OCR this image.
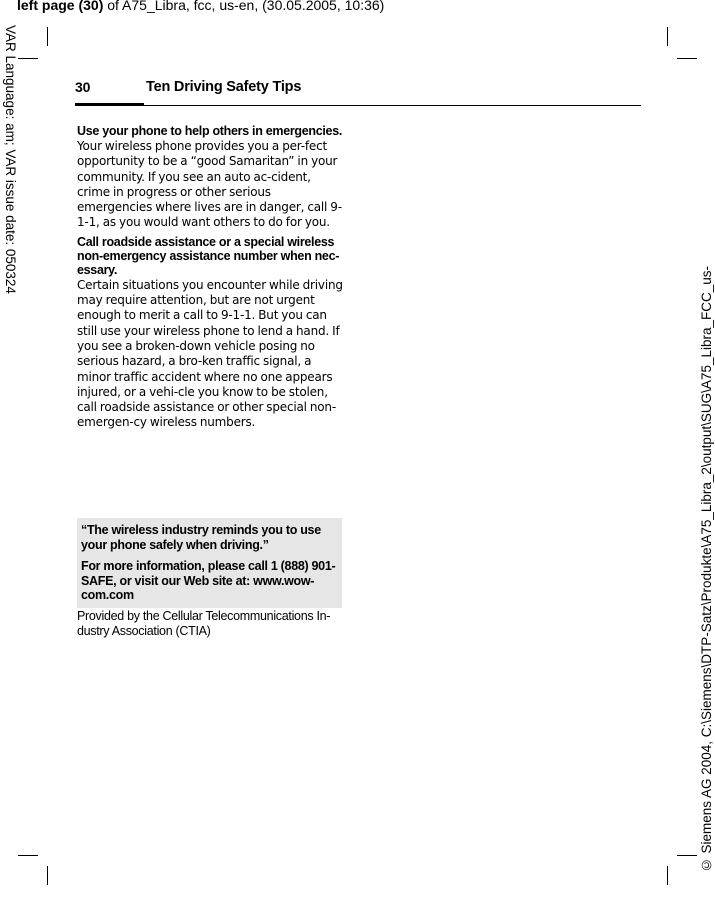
left page (30) of A75_Libra, fcc, us-en, (30.05.2005, 10:36)
VAR Language: am; VAR issue date: 050324
© Siemens AG 2004, C:\Siemens\DTP-Satz\Produkte\A75_Libra_2\output\SUG\A75_Libra_FCC_us-
30	Ten Driving Safety Tips

Use your phone to help others in emergencies.

Your wireless phone provides you a per-fect opportunity to be a “good Samaritan” in your community. If you see an auto ac-cident, crime in progress or other serious emergencies where lives are in danger, call 9-1-1, as you would want others to do for you.

Call roadside assistance or a special wireless non-emergency assistance number when nec-essary.

Certain situations you encounter while driving may require attention, but are not urgent enough to merit a call to 9-1-1. But you can still use your wireless phone to lend a hand. If you see a broken-down vehicle posing no serious hazard, a bro-ken traffic signal, a minor traffic accident where no one appears injured, or a vehi-cle you know to be stolen, call roadside assistance or other special non-emergen-cy wireless numbers.

“The wireless industry reminds you to use your phone safely when driving.”

For more information, please call 1 (888) 901-SAFE, or visit our Web site at: www.wow-com.com

Provided by the Cellular Telecommunications In-dustry Association (CTIA)
